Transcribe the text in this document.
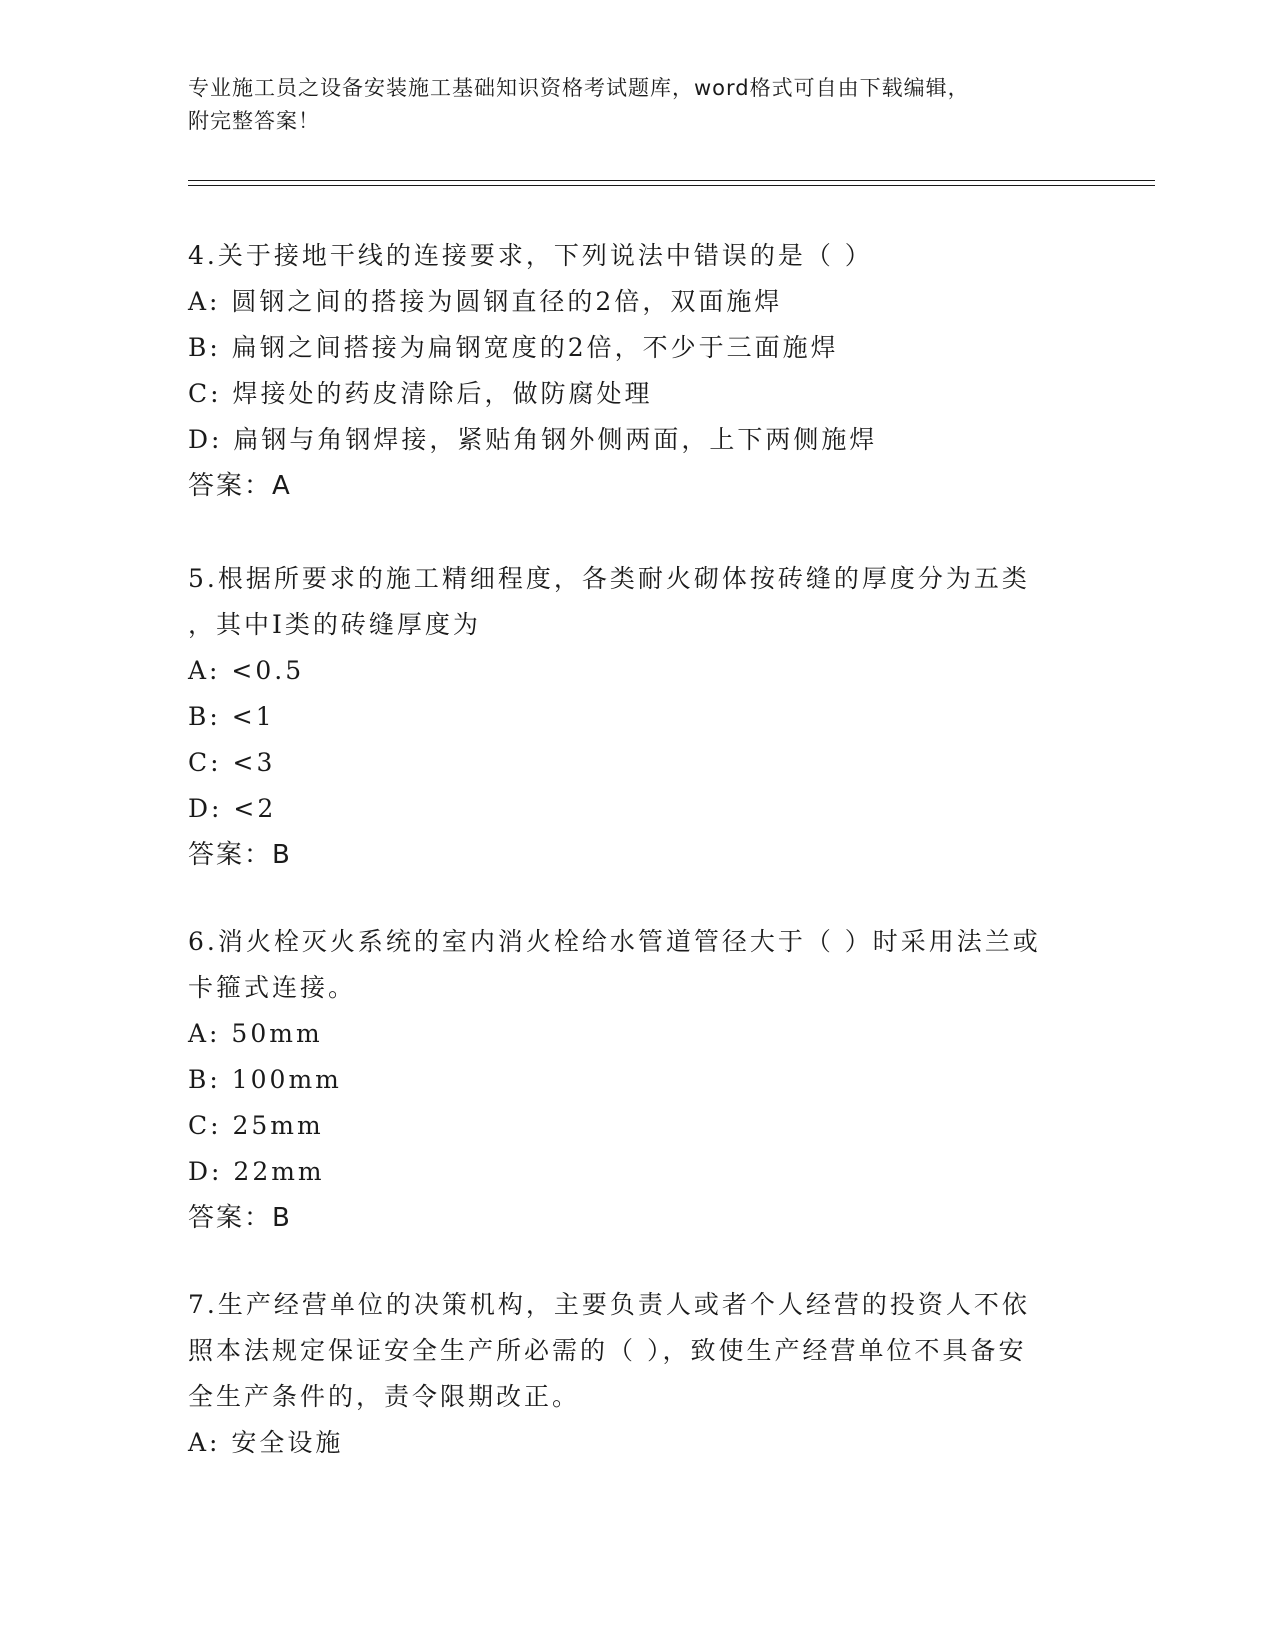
专业施工员之设备安装施工基础知识资格考试题库，word格式可自由下载编辑，
附完整答案！
4.关于接地干线的连接要求，下列说法中错误的是（ ）
A: 圆钢之间的搭接为圆钢直径的2倍，双面施焊
B: 扁钢之间搭接为扁钢宽度的2倍，不少于三面施焊
C: 焊接处的药皮清除后，做防腐处理
D: 扁钢与角钢焊接，紧贴角钢外侧两面，上下两侧施焊
答案：A
5.根据所要求的施工精细程度，各类耐火砌体按砖缝的厚度分为五类
，其中I类的砖缝厚度为
A: <0.5
B: <1
C: <3
D: <2
答案：B
6.消火栓灭火系统的室内消火栓给水管道管径大于（ ）时采用法兰或
卡箍式连接。
A: 50mm
B: 100mm
C: 25mm
D: 22mm
答案：B
7.生产经营单位的决策机构，主要负责人或者个人经营的投资人不依
照本法规定保证安全生产所必需的（ ），致使生产经营单位不具备安
全生产条件的，责令限期改正。
A: 安全设施
